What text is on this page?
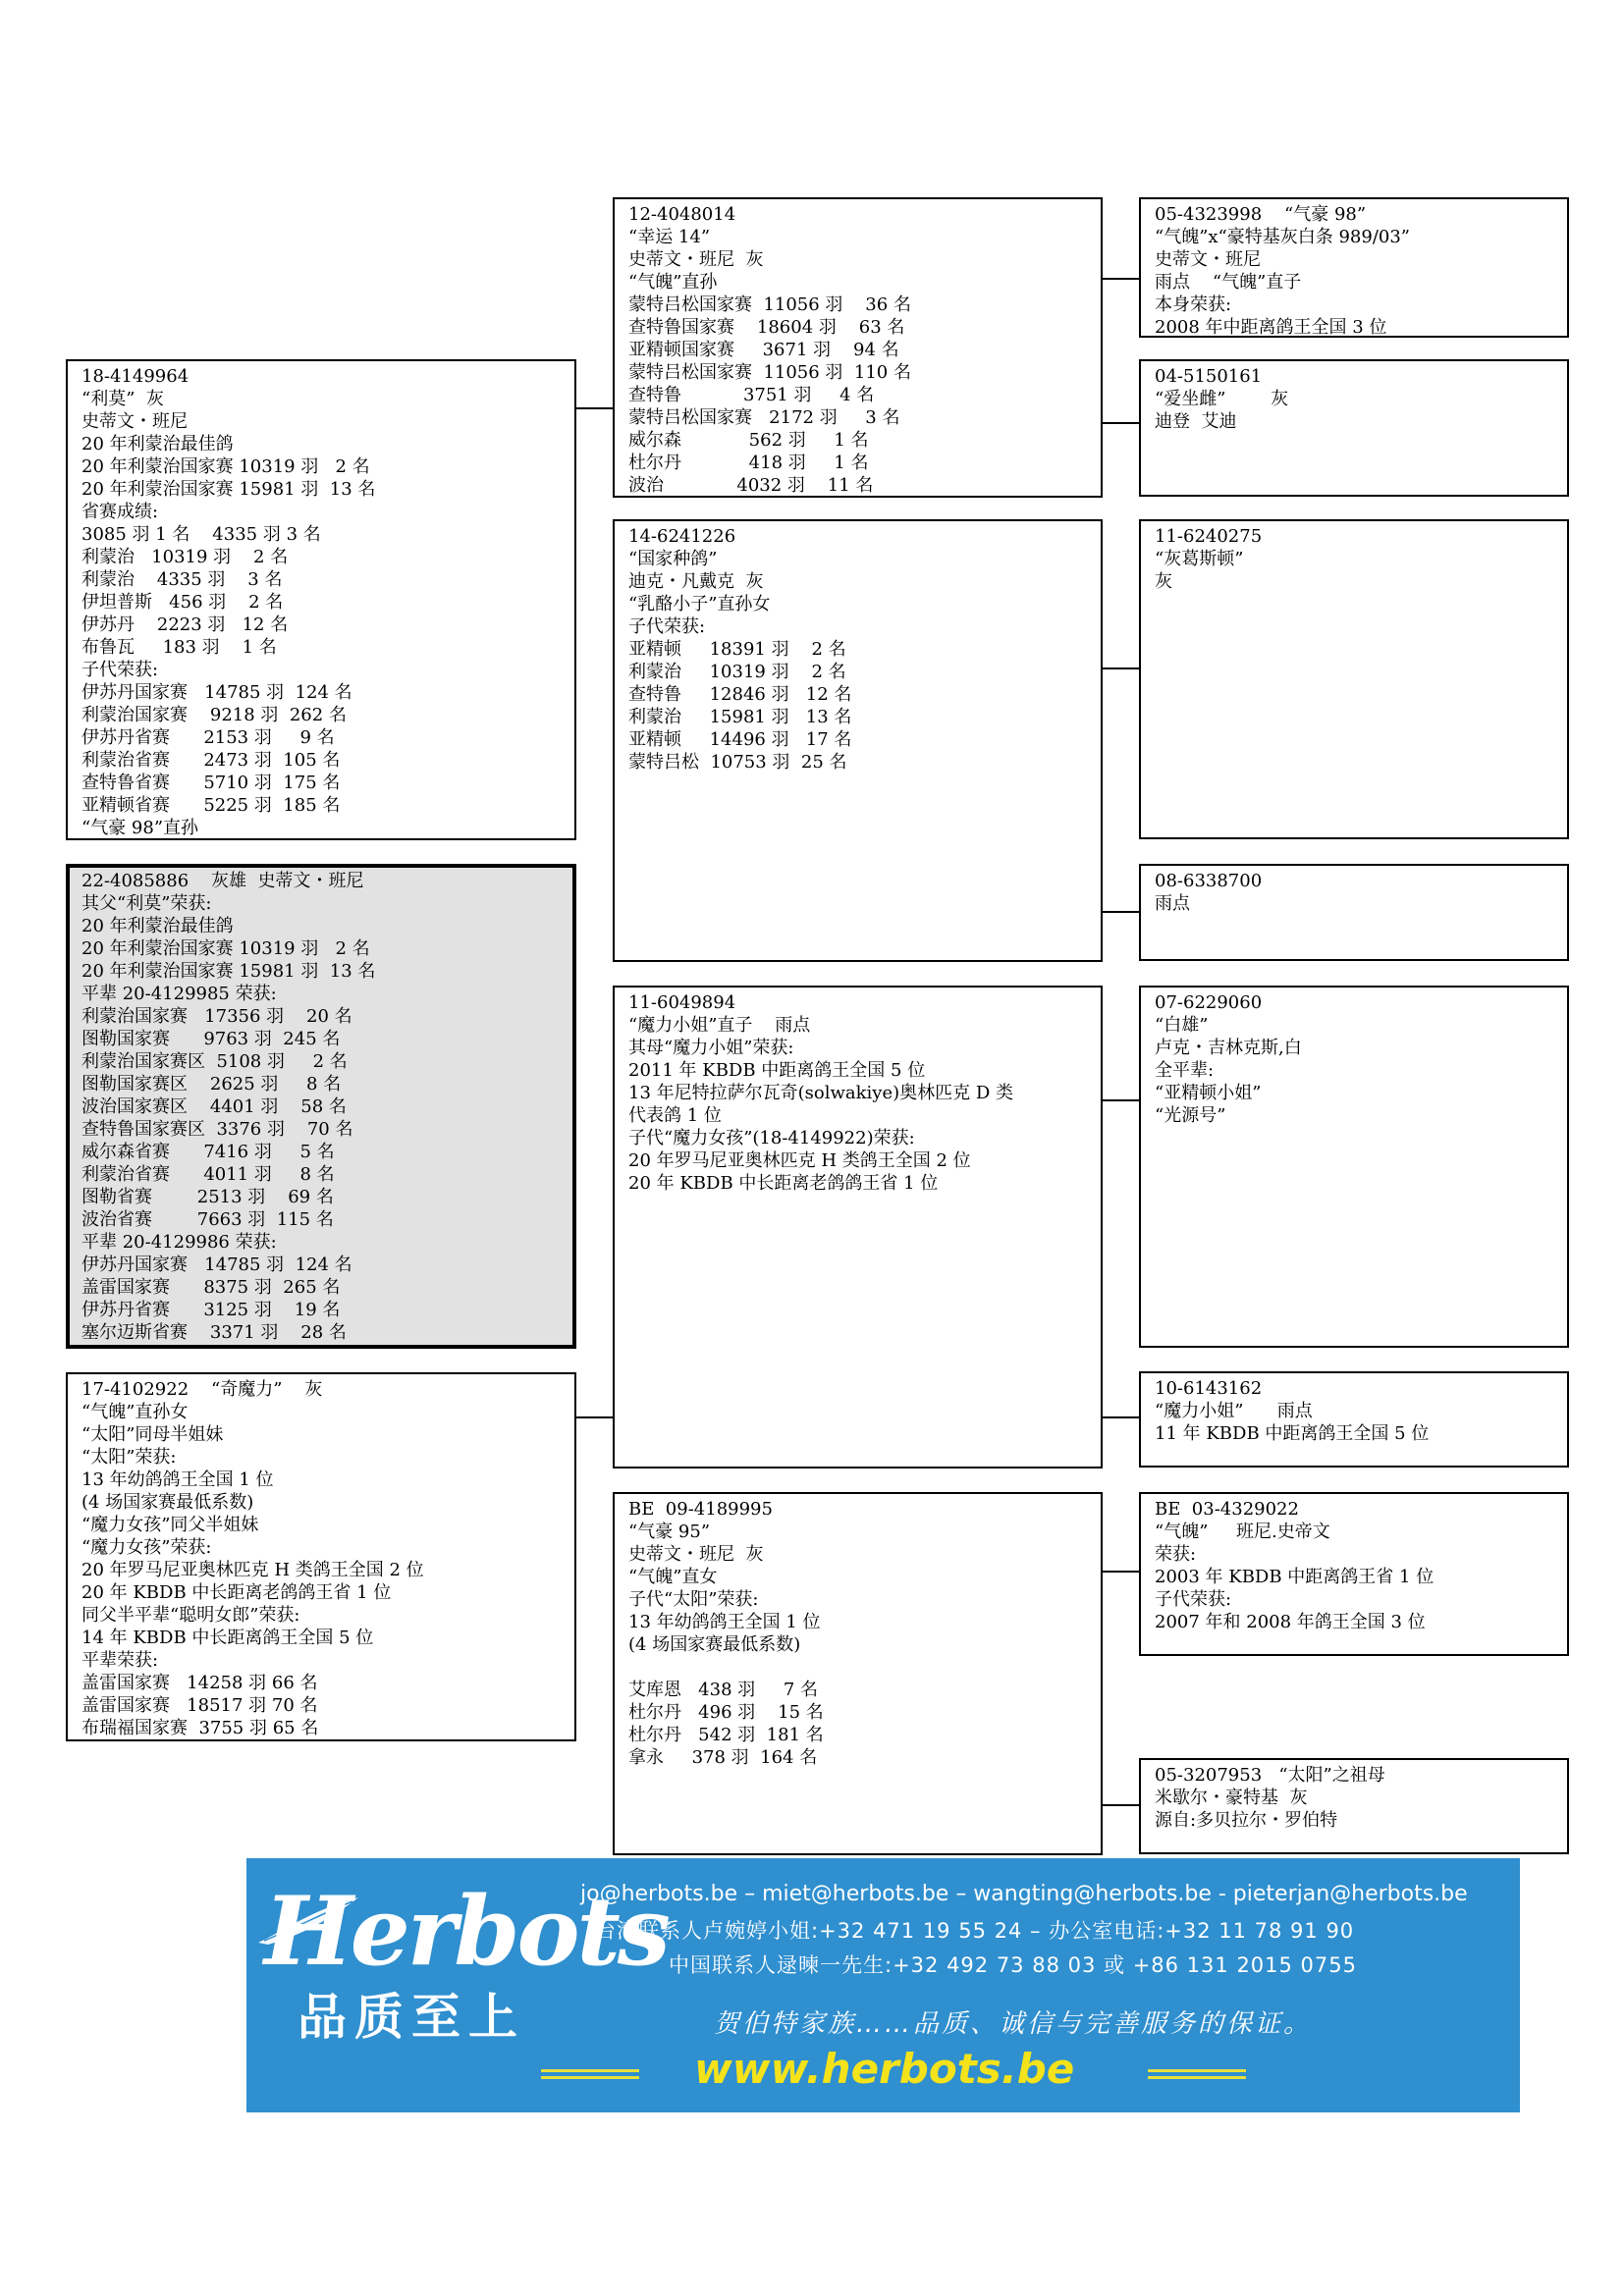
22-4085886    灰雄  史蒂文・班尼
其父“利莫”荣获:
20 年利蒙治最佳鸽
20 年利蒙治国家赛 10319 羽   2 名
20 年利蒙治国家赛 15981 羽  13 名
平辈 20-4129985 荣获:
利蒙治国家赛   17356 羽    20 名
图勒国家赛      9763 羽  245 名
利蒙治国家赛区  5108 羽     2 名
图勒国家赛区    2625 羽     8 名
波治国家赛区    4401 羽    58 名
查特鲁国家赛区  3376 羽    70 名
威尔森省赛      7416 羽     5 名
利蒙治省赛      4011 羽     8 名
图勒省赛        2513 羽    69 名
波治省赛        7663 羽  115 名
平辈 20-4129986 荣获:
伊苏丹国家赛   14785 羽  124 名
盖雷国家赛      8375 羽  265 名
伊苏丹省赛      3125 羽    19 名
塞尔迈斯省赛    3371 羽    28 名
18-4149964
“利莫”  灰
史蒂文・班尼
20 年利蒙治最佳鸽
20 年利蒙治国家赛 10319 羽   2 名
20 年利蒙治国家赛 15981 羽  13 名
省赛成绩:
3085 羽 1 名    4335 羽 3 名
利蒙治   10319 羽    2 名
利蒙治    4335 羽    3 名
伊坦普斯   456 羽    2 名
伊苏丹    2223 羽   12 名
布鲁瓦     183 羽    1 名
子代荣获:
伊苏丹国家赛   14785 羽  124 名
利蒙治国家赛    9218 羽  262 名
伊苏丹省赛      2153 羽     9 名
利蒙治省赛      2473 羽  105 名
查特鲁省赛      5710 羽  175 名
亚精顿省赛      5225 羽  185 名
“气豪 98”直孙
17-4102922    “奇魔力”    灰
“气魄”直孙女
“太阳”同母半姐妹
“太阳”荣获:
13 年幼鸽鸽王全国 1 位
(4 场国家赛最低系数)
“魔力女孩”同父半姐妹
“魔力女孩”荣获:
20 年罗马尼亚奥林匹克 H 类鸽王全国 2 位
20 年 KBDB 中长距离老鸽鸽王省 1 位
同父半平辈“聪明女郎”荣获:
14 年 KBDB 中长距离鸽王全国 5 位
平辈荣获:
盖雷国家赛   14258 羽 66 名
盖雷国家赛   18517 羽 70 名
布瑞福国家赛  3755 羽 65 名
12-4048014
“幸运 14”
史蒂文・班尼  灰
“气魄”直孙
蒙特吕松国家赛  11056 羽    36 名
查特鲁国家赛    18604 羽    63 名
亚精顿国家赛     3671 羽    94 名
蒙特吕松国家赛  11056 羽  110 名
查特鲁           3751 羽     4 名
蒙特吕松国家赛   2172 羽     3 名
威尔森            562 羽     1 名
杜尔丹            418 羽     1 名
波治             4032 羽    11 名
14-6241226
“国家种鸽”
迪克・凡戴克  灰
“乳酪小子”直孙女
子代荣获:
亚精顿     18391 羽    2 名
利蒙治     10319 羽    2 名
查特鲁     12846 羽   12 名
利蒙治     15981 羽   13 名
亚精顿     14496 羽   17 名
蒙特吕松  10753 羽  25 名
11-6049894
“魔力小姐”直子    雨点
其母“魔力小姐”荣获:
2011 年 KBDB 中距离鸽王全国 5 位
13 年尼特拉萨尔瓦奇(solwakiye)奥林匹克 D 类
代表鸽 1 位
子代“魔力女孩”(18-4149922)荣获:
20 年罗马尼亚奥林匹克 H 类鸽王全国 2 位
20 年 KBDB 中长距离老鸽鸽王省 1 位
BE  09-4189995
“气豪 95”
史蒂文・班尼  灰
“气魄”直女
子代“太阳”荣获:
13 年幼鸽鸽王全国 1 位
(4 场国家赛最低系数)
艾库恩   438 羽     7 名
杜尔丹   496 羽    15 名
杜尔丹   542 羽  181 名
拿永     378 羽  164 名
05-4323998    “气豪 98”
“气魄”x“豪特基灰白条 989/03”
史蒂文・班尼
雨点    “气魄”直子
本身荣获:
2008 年中距离鸽王全国 3 位
04-5150161
“爱坐雌”        灰
迪登  艾迪
11-6240275
“灰葛斯顿”
灰
08-6338700
雨点
07-6229060
“白雄”
卢克・吉林克斯,白
全平辈:
“亚精顿小姐”
“光源号”
10-6143162
“魔力小姐”      雨点
11 年 KBDB 中距离鸽王全国 5 位
BE  03-4329022
“气魄”     班尼.史帝文
荣获:
2003 年 KBDB 中距离鸽王省 1 位
子代荣获:
2007 年和 2008 年鸽王全国 3 位
05-3207953   “太阳”之祖母
米歇尔・豪特基  灰
源自:多贝拉尔・罗伯特
Herbots
品质至上
jo@herbots.be – miet@herbots.be – wangting@herbots.be - pieterjan@herbots.be
台湾联系人卢婉婷小姐:+32 471 19 55 24 – 办公室电话:+32 11 78 91 90
中国联系人逯暕一先生:+32 492 73 88 03 或 +86 131 2015 0755
贺伯特家族……品质、诚信与完善服务的保证。
www.herbots.be
